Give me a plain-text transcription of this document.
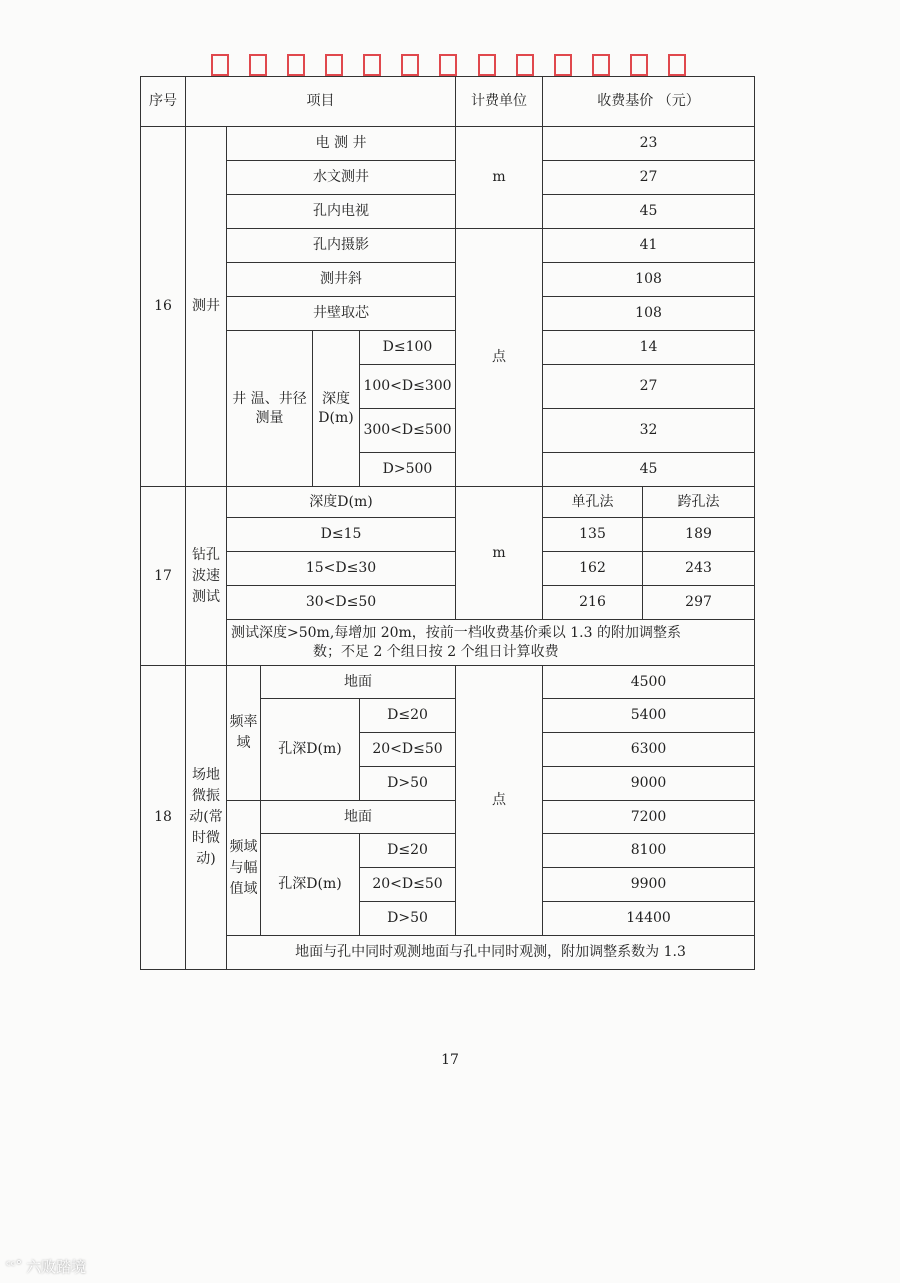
序号	项目					计费单位	收费基价 （元）	
16	测井	电 测 井				m	23	
		水文测井					27	
		孔内电视					45	
		孔内摄影				点	41	
		测井斜					108	
		井壁取芯					108	
		井 温、井径测量		深度D(m)	D≤100		14	
					100<D≤300		27	
					300<D≤500		32	
					D>500		45	
17	钻孔波速测试	深度D(m)				m	单孔法	跨孔法
		D≤15					135	189
		15<D≤30					162	243
		30<D≤50					216	297
		测试深度>50m,每增加 20m，按前一档收费基价乘以 1.3 的附加调整系
数；不足 2 个组日按 2 个组日计算收费						

18	场地微振动(常时微动)	频率域	地面			点	4500	
			孔深D(m)		D≤20		5400	
					20<D≤50		6300	
					D>50		9000	
		频域与幅值域	地面				7200	
			孔深D(m)		D≤20		8100	
					20<D≤50		9900	
					D>50		14400	
		地面与孔中同时观测地面与孔中同时观测，附加调整系数为 1.3						
17
ᶜᶜ° 六败踏境
